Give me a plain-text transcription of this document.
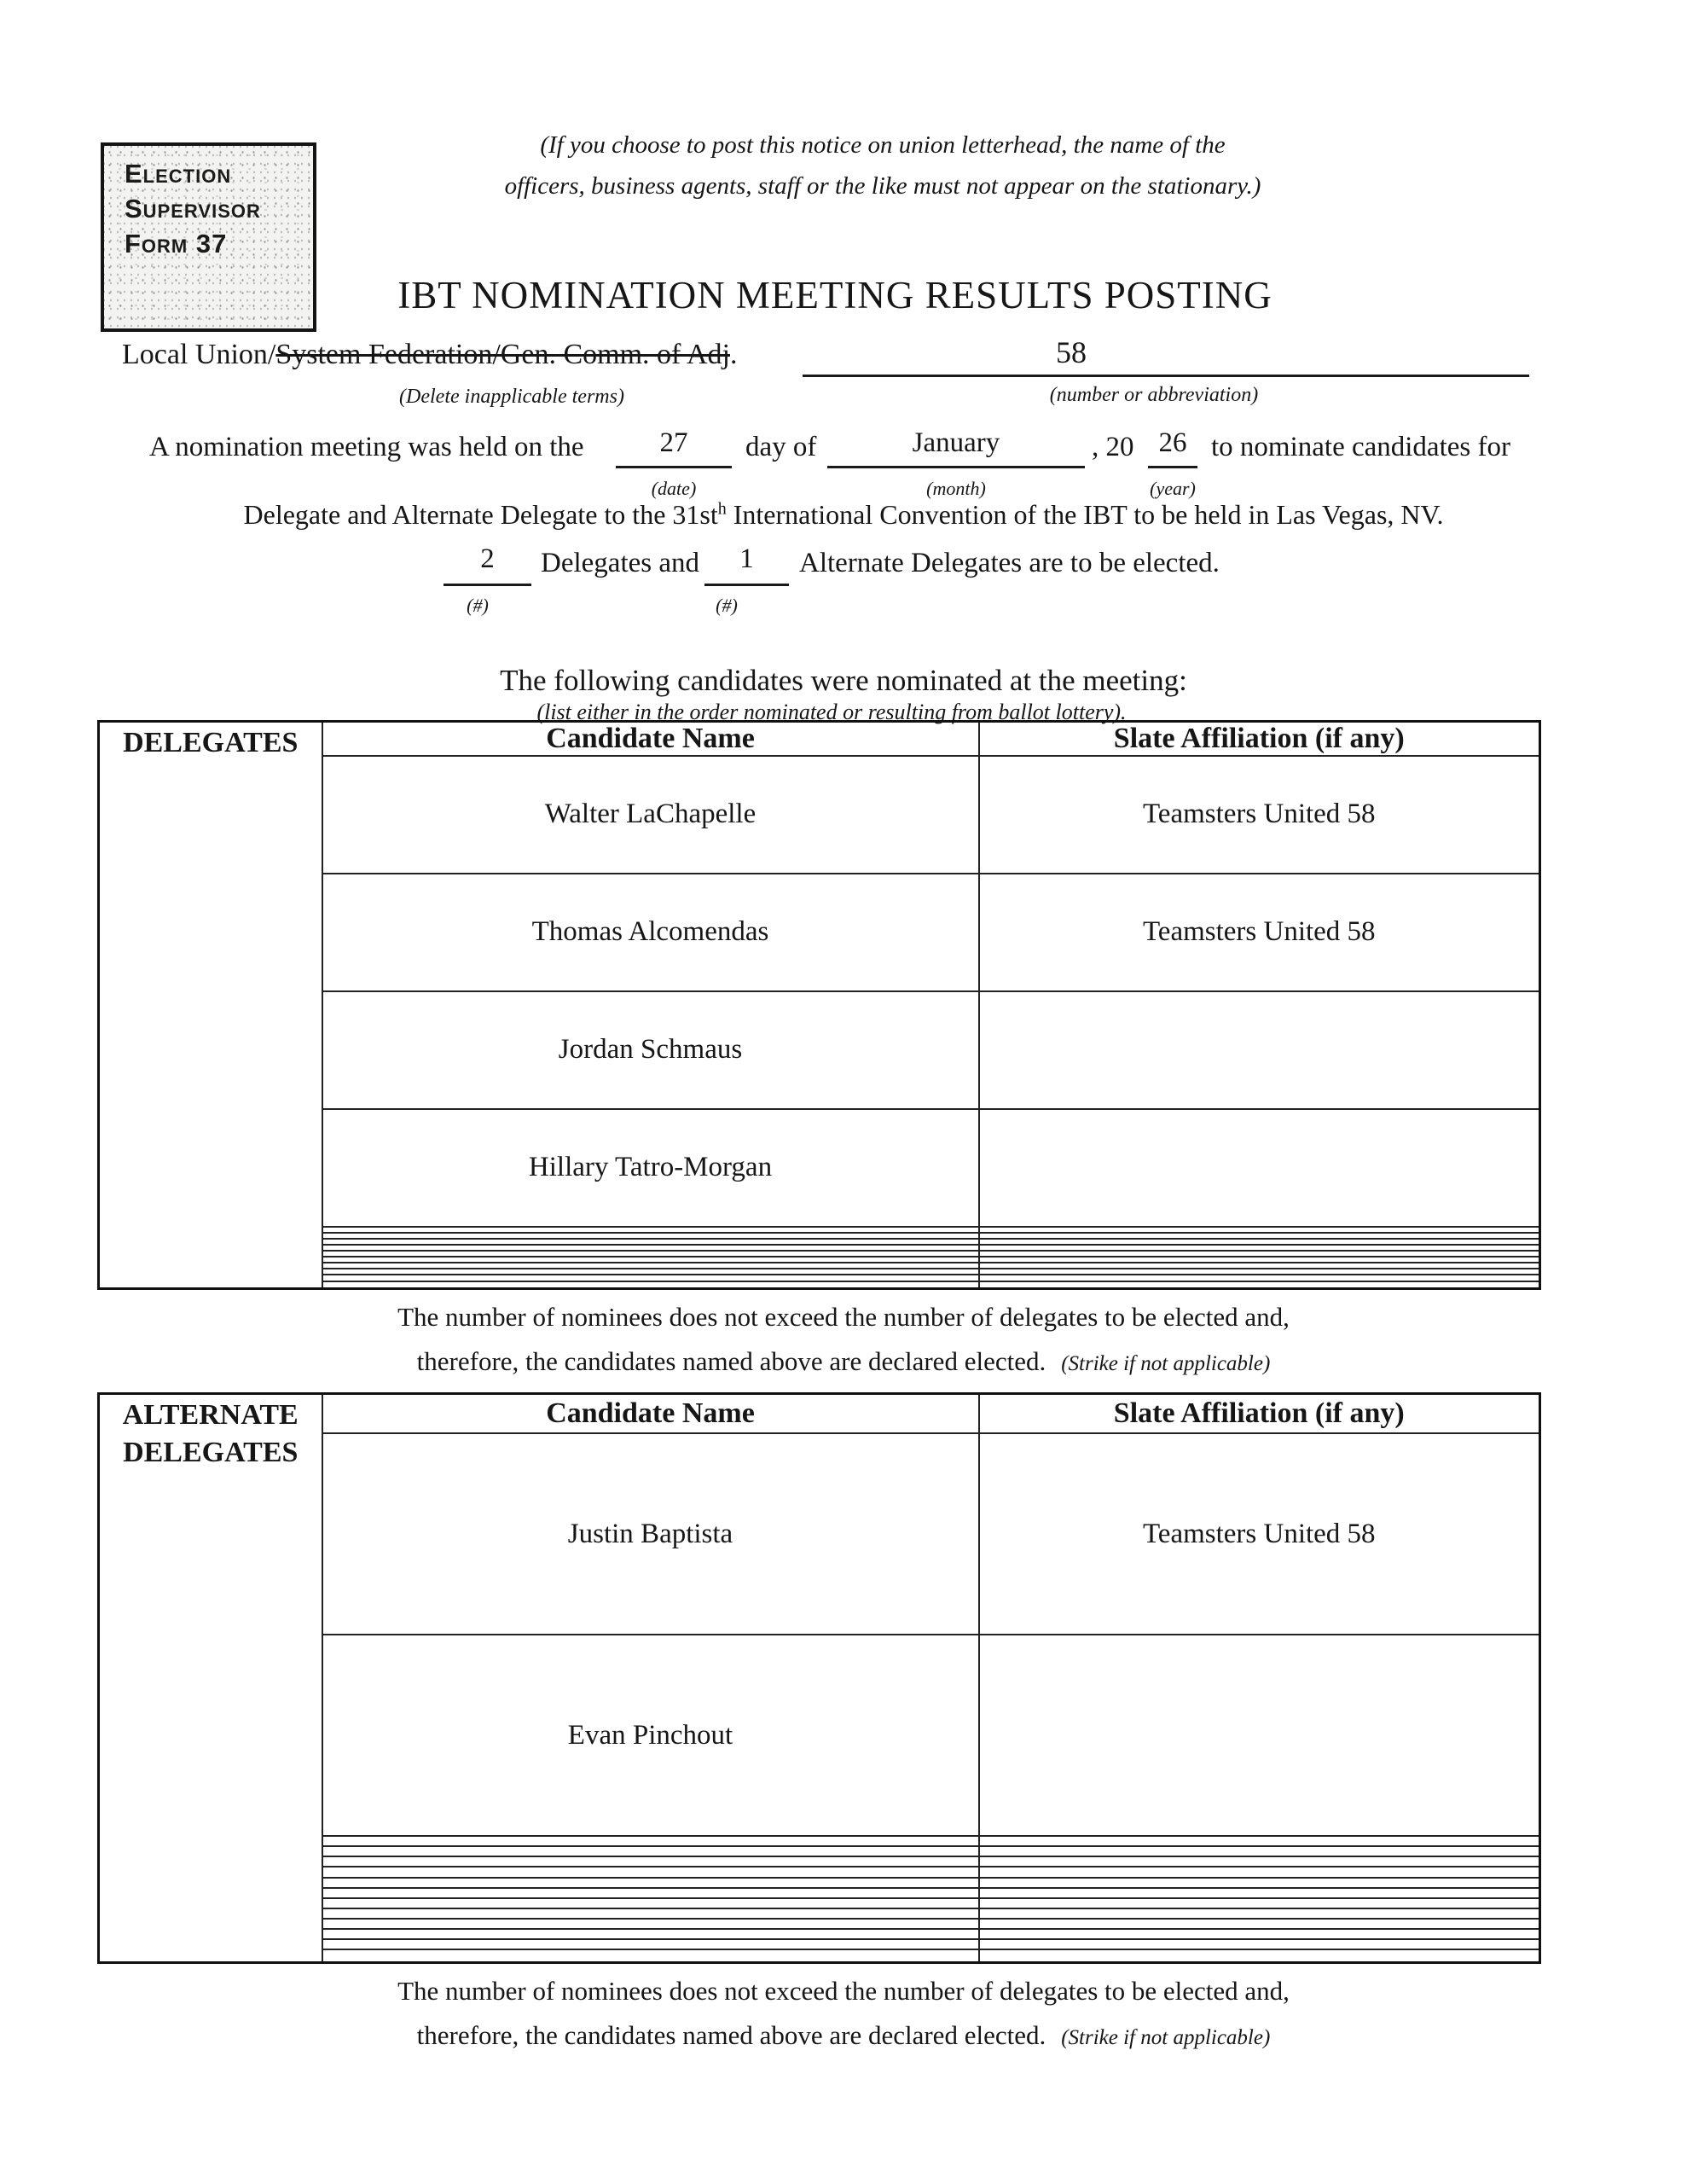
Election
Supervisor
Form 37
(If you choose to post this notice on union letterhead, the name of the
officers, business agents, staff or the like must not appear on the stationary.)
IBT NOMINATION MEETING RESULTS POSTING
Local Union/System Federation/Gen. Comm. of Adj.	58
(Delete inapplicable terms)	(number or abbreviation)
A nomination meeting was held on the	27	day of	January	, 20 26 to nominate candidates for
(date)	(month)	(year)
Delegate and Alternate Delegate to the $31st^h$ International Convention of the IBT to be held in Las Vegas, NV.
2	Delegates and	1	Alternate Delegates are to be elected.
(#)	(#)
The following candidates were nominated at the meeting:
(list either in the order nominated or resulting from ballot lottery).
DELEGATES	Candidate Name	Slate Affiliation (if any)
	Walter LaChapelle	Teamsters United 58
	Thomas Alcomendas	Teamsters United 58
	Jordan Schmaus	
	Hillary Tatro-Morgan	

The number of nominees does not exceed the number of delegates to be elected and,
therefore, the candidates named above are declared elected. (Strike if not applicable)
ALTERNATE
DELEGATES	Candidate Name	Slate Affiliation (if any)
	Justin Baptista	Teamsters United 58
	Evan Pinchout	

The number of nominees does not exceed the number of delegates to be elected and,
therefore, the candidates named above are declared elected. (Strike if not applicable)
